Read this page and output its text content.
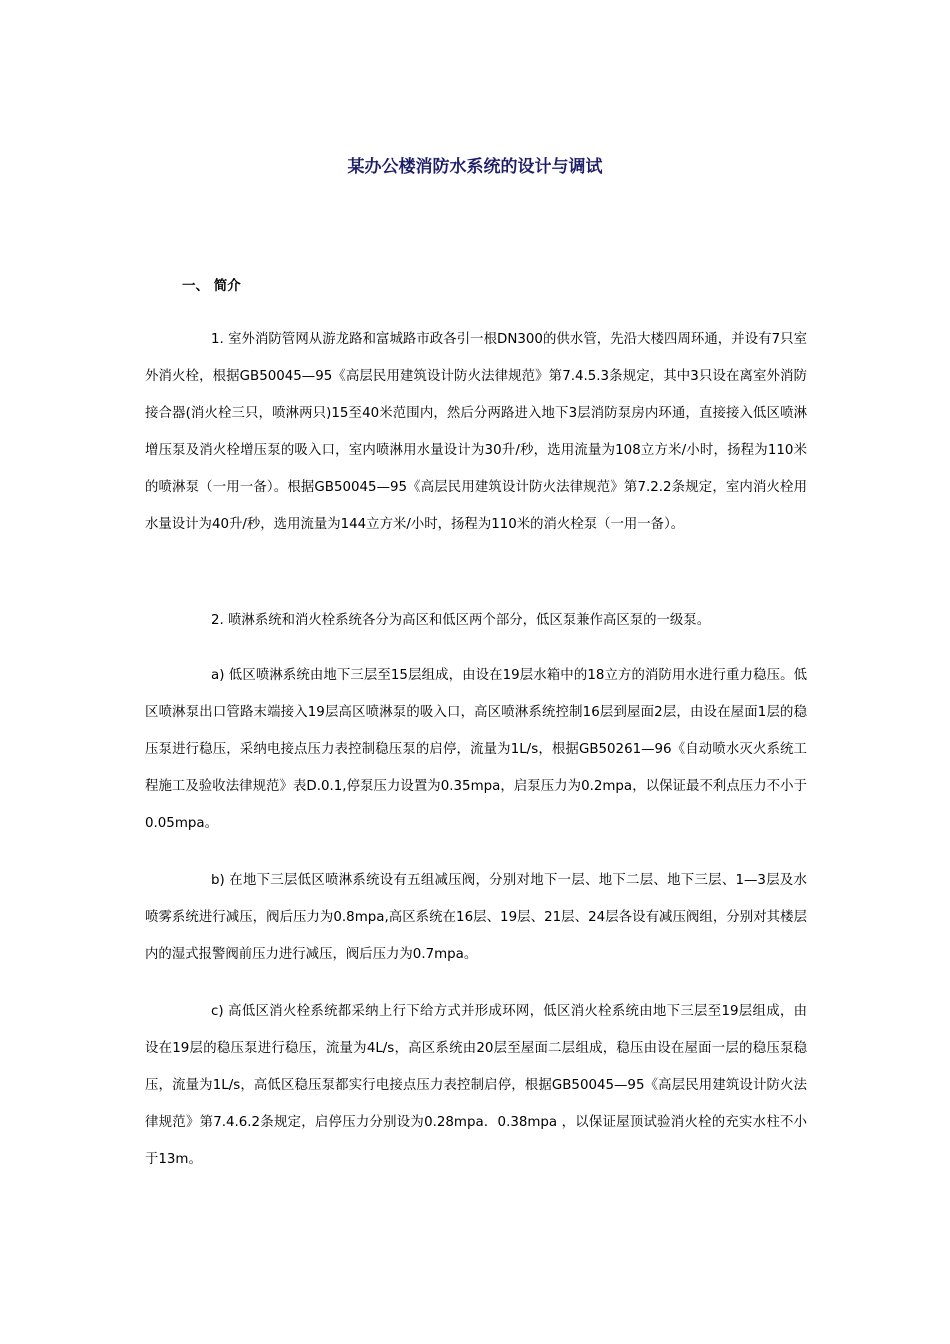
某办公楼消防水系统的设计与调试
一、 简介

1. 室外消防管网从游龙路和富城路市政各引一根DN300的供水管，先沿大楼四周环通，并设有7只室外消火栓，根据GB50045—95《高层民用建筑设计防火法律规范》第7.4.5.3条规定，其中3只设在离室外消防接合器(消火栓三只，喷淋两只)15至40米范围内，然后分两路进入地下3层消防泵房内环通，直接接入低区喷淋增压泵及消火栓增压泵的吸入口，室内喷淋用水量设计为30升/秒，选用流量为108立方米/小时，扬程为110米的喷淋泵（一用一备）。根据GB50045—95《高层民用建筑设计防火法律规范》第7.2.2条规定，室内消火栓用水量设计为40升/秒，选用流量为144立方米/小时，扬程为110米的消火栓泵（一用一备）。

2. 喷淋系统和消火栓系统各分为高区和低区两个部分，低区泵兼作高区泵的一级泵。

a) 低区喷淋系统由地下三层至15层组成，由设在19层水箱中的18立方的消防用水进行重力稳压。低区喷淋泵出口管路末端接入19层高区喷淋泵的吸入口，高区喷淋系统控制16层到屋面2层，由设在屋面1层的稳压泵进行稳压，采纳电接点压力表控制稳压泵的启停，流量为1L/s，根据GB50261—96《自动喷水灭火系统工程施工及验收法律规范》表D.0.1,停泵压力设置为0.35mpa，启泵压力为0.2mpa，以保证最不利点压力不小于0.05mpa。

b) 在地下三层低区喷淋系统设有五组减压阀，分别对地下一层、地下二层、地下三层、1—3层及水喷雾系统进行减压，阀后压力为0.8mpa,高区系统在16层、19层、21层、24层各设有减压阀组，分别对其楼层内的湿式报警阀前压力进行减压，阀后压力为0.7mpa。

c) 高低区消火栓系统都采纳上行下给方式并形成环网，低区消火栓系统由地下三层至19层组成，由设在19层的稳压泵进行稳压，流量为4L/s，高区系统由20层至屋面二层组成，稳压由设在屋面一层的稳压泵稳压，流量为1L/s，高低区稳压泵都实行电接点压力表控制启停，根据GB50045—95《高层民用建筑设计防火法律规范》第7.4.6.2条规定，启停压力分别设为0.28mpa．0.38mpa ，以保证屋顶试验消火栓的充实水柱不小于13m。
